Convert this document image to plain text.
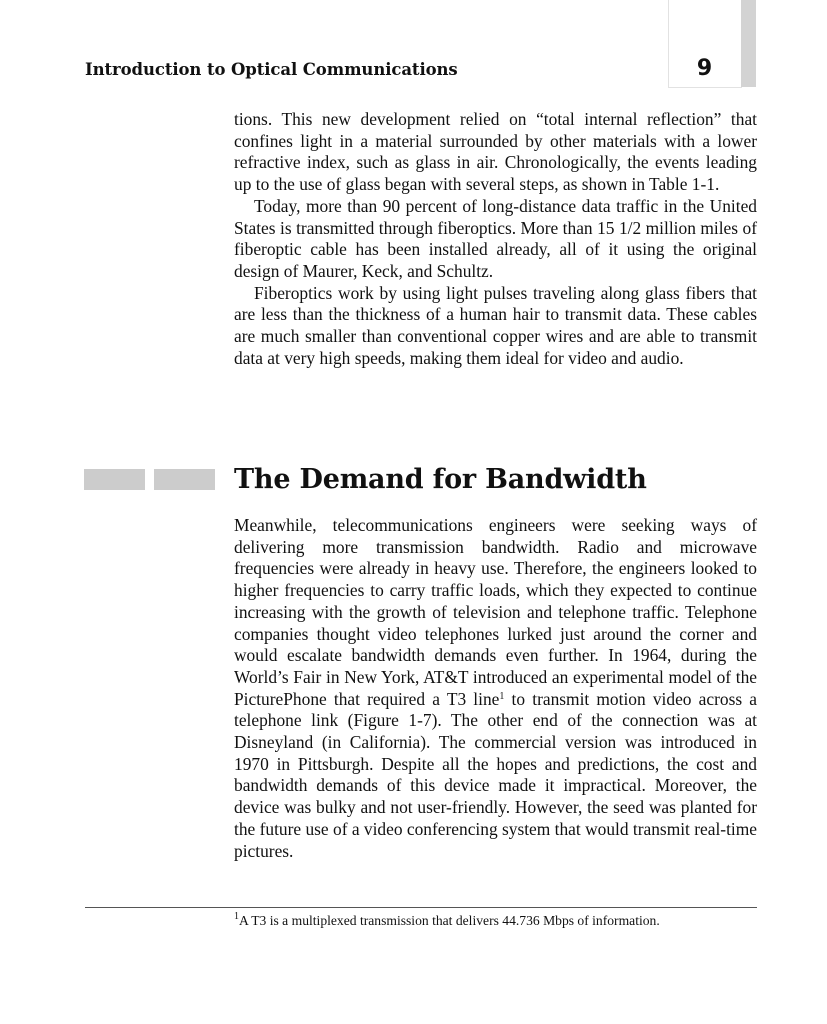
Introduction to Optical Communications	9

tions. This new development relied on “total internal reflection” that confines light in a material surrounded by other materials with a lower refractive index, such as glass in air. Chronologically, the events leading up to the use of glass began with several steps, as shown in Table 1-1.

Today, more than 90 percent of long-distance data traffic in the United States is transmitted through fiberoptics. More than 15 1/2 million miles of fiberoptic cable has been installed already, all of it using the original design of Maurer, Keck, and Schultz.

Fiberoptics work by using light pulses traveling along glass fibers that are less than the thickness of a human hair to transmit data. These cables are much smaller than conventional copper wires and are able to transmit data at very high speeds, making them ideal for video and audio.

The Demand for Bandwidth

Meanwhile, telecommunications engineers were seeking ways of delivering more transmission bandwidth. Radio and microwave frequencies were already in heavy use. Therefore, the engineers looked to higher frequencies to carry traffic loads, which they expected to continue increasing with the growth of television and telephone traffic. Telephone companies thought video telephones lurked just around the corner and would escalate bandwidth demands even further. In 1964, during the World’s Fair in New York, AT&T introduced an experimental model of the PicturePhone that required a T3 line$^1$ to transmit motion video across a telephone link (Figure 1-7). The other end of the connection was at Disneyland (in California). The commercial version was introduced in 1970 in Pittsburgh. Despite all the hopes and predictions, the cost and bandwidth demands of this device made it impractical. Moreover, the device was bulky and not user-friendly. However, the seed was planted for the future use of a video conferencing system that would transmit real-time pictures.

$^1$A T3 is a multiplexed transmission that delivers 44.736 Mbps of information.
